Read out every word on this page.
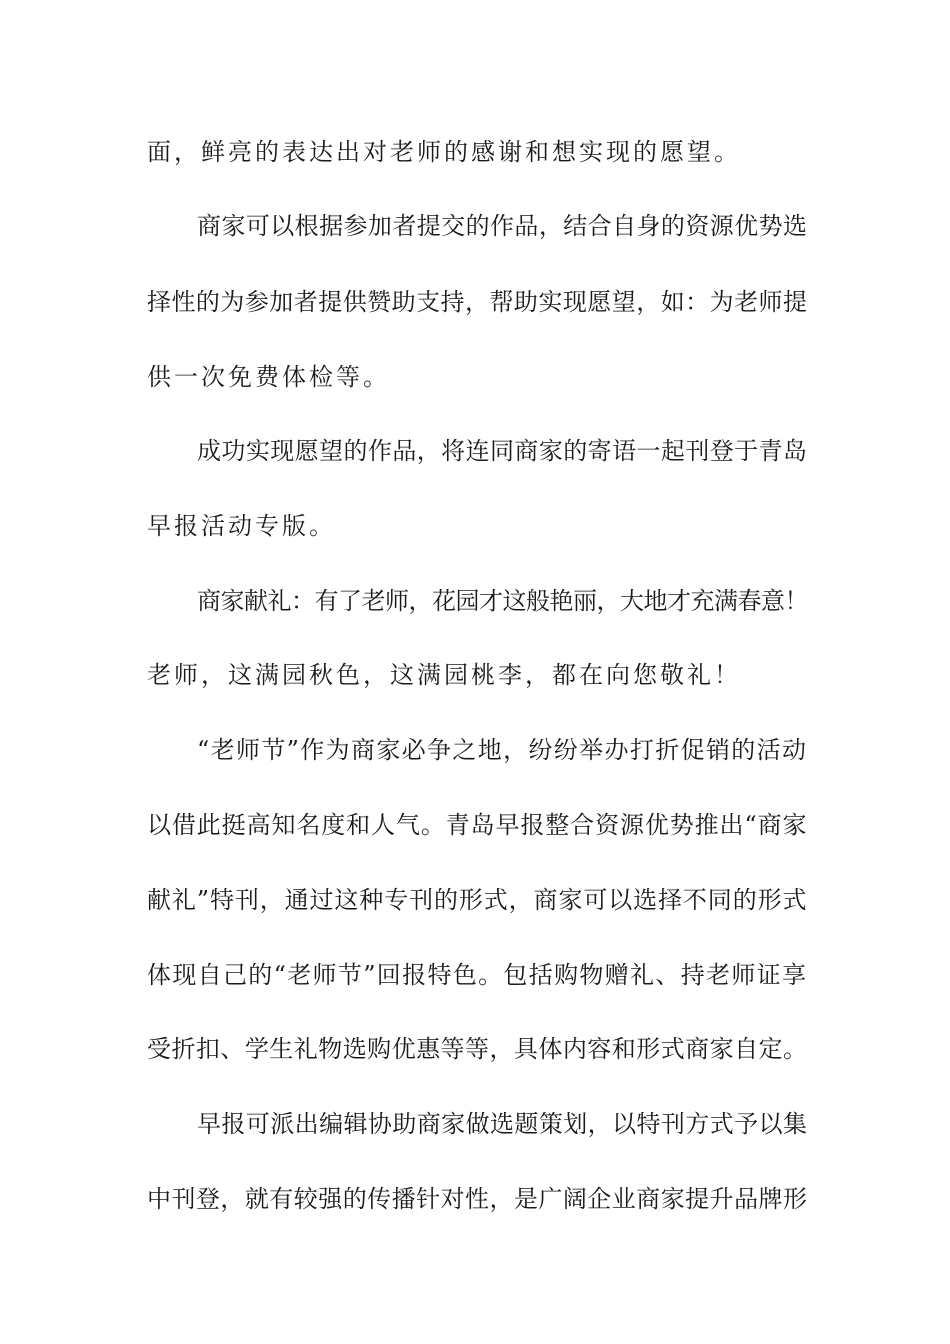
面，鲜亮的表达出对老师的感谢和想实现的愿望。
商家可以根据参加者提交的作品，结合自身的资源优势选
择性的为参加者提供赞助支持，帮助实现愿望，如：为老师提
供一次免费体检等。
成功实现愿望的作品，将连同商家的寄语一起刊登于青岛
早报活动专版。
商家献礼：有了老师，花园才这般艳丽，大地才充满春意！
老师，这满园秋色，这满园桃李，都在向您敬礼！
“老师节”作为商家必争之地，纷纷举办打折促销的活动
以借此挺高知名度和人气。青岛早报整合资源优势推出“商家
献礼”特刊，通过这种专刊的形式，商家可以选择不同的形式
体现自己的“老师节”回报特色。包括购物赠礼、持老师证享
受折扣、学生礼物选购优惠等等，具体内容和形式商家自定。
早报可派出编辑协助商家做选题策划，以特刊方式予以集
中刊登，就有较强的传播针对性，是广阔企业商家提升品牌形
